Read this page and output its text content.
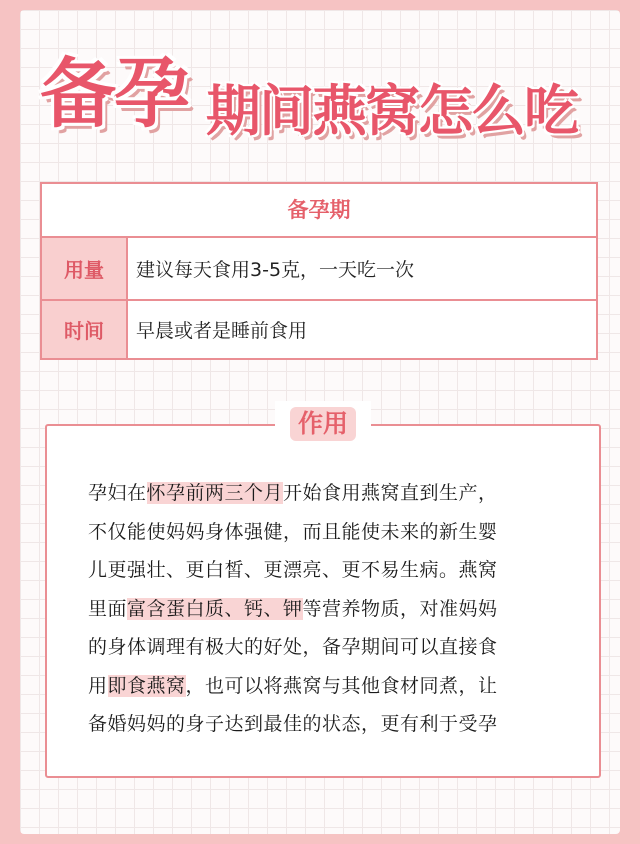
备孕 期间燕窝怎么吃
备孕期
用量	建议每天食用3-5克，一天吃一次
时间	早晨或者是睡前食用
作用
孕妇在怀孕前两三个月开始食用燕窝直到生产，
不仅能使妈妈身体强健，而且能使未来的新生婴
儿更强壮、更白皙、更漂亮、更不易生病。燕窝
里面富含蛋白质、钙、钾等营养物质，对准妈妈
的身体调理有极大的好处，备孕期间可以直接食
用即食燕窝，也可以将燕窝与其他食材同煮，让
备婚妈妈的身子达到最佳的状态，更有利于受孕
